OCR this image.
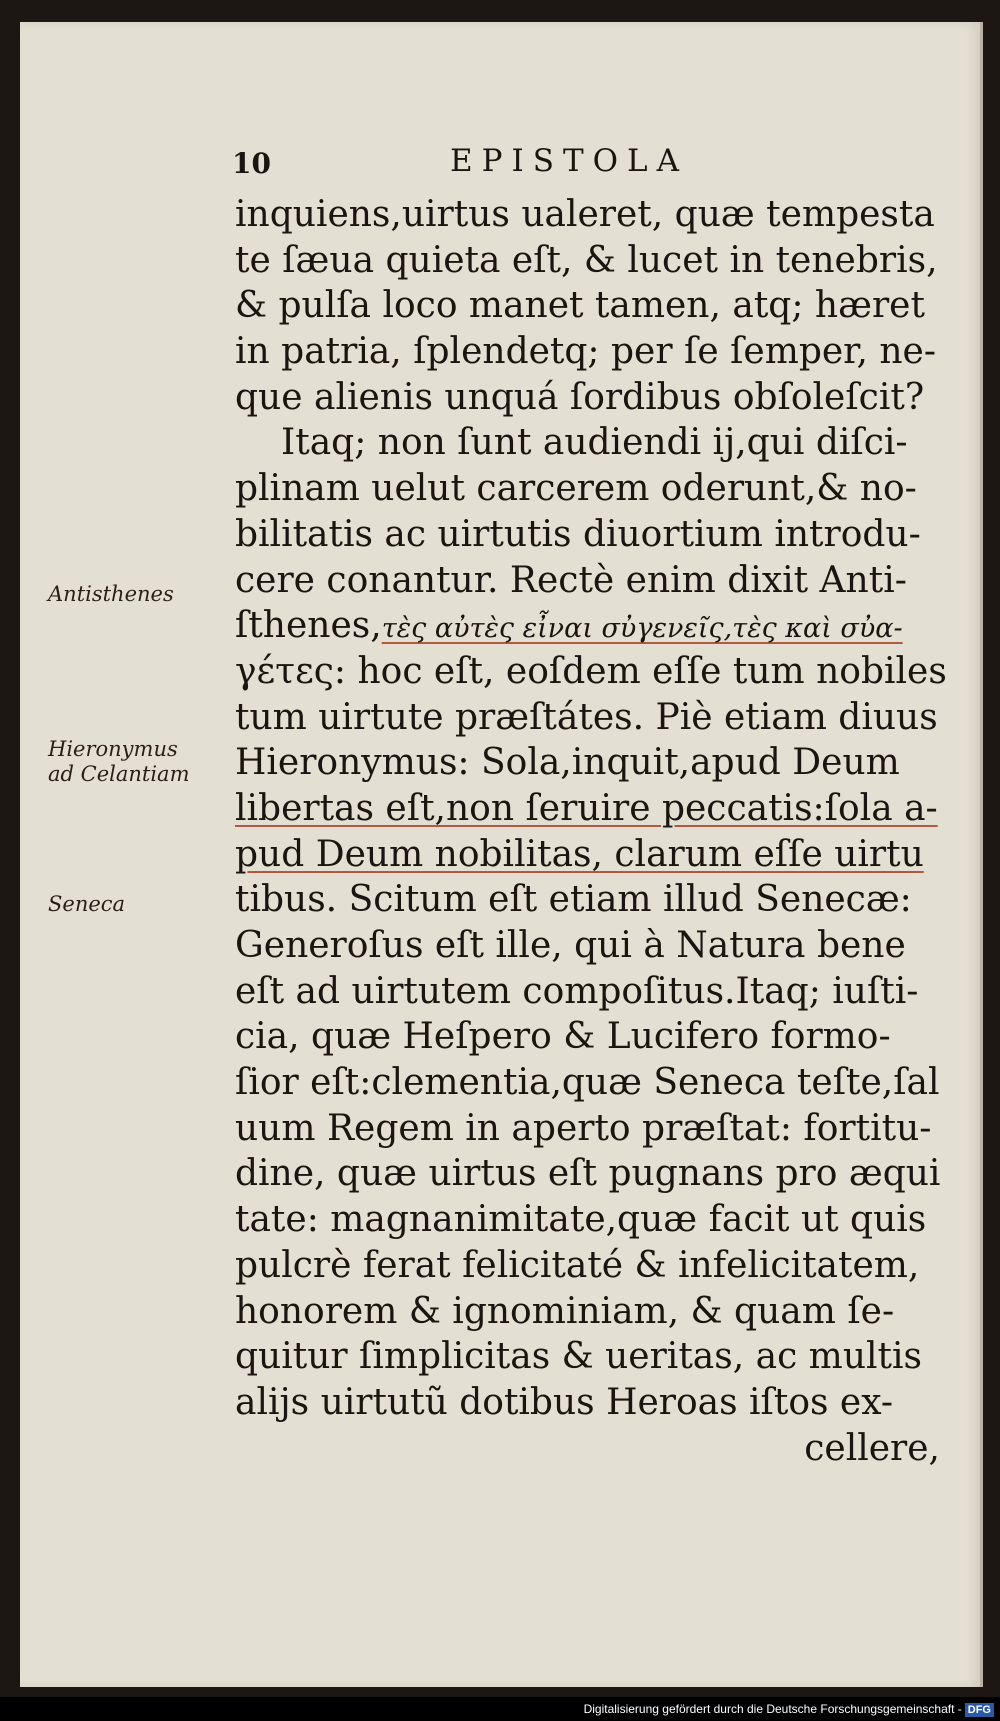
10	EPISTOLA
inquiens,uirtus ualeret, quæ tempesta
te ſæua quieta eſt, & lucet in tenebris,
& pulſa loco manet tamen, atq; hæret
in patria, ſplendetq; per ſe ſemper, ne-
que alienis unquá ſordibus obſoleſcit?
Itaq; non ſunt audiendi ij,qui diſci-
plinam uelut carcerem oderunt,& no-
bilitatis ac uirtutis diuortium introdu-
cere conantur. Rectè enim dixit Anti-
ſthenes,τὲς αὐτὲς εἶναι σὐγενεῖς,τὲς καὶ σὐα-
γέτες: hoc eſt, eoſdem eſſe tum nobiles
tum uirtute præſtátes. Piè etiam diuus
Hieronymus: Sola,inquit,apud Deum
libertas eſt,non ſeruire peccatis:ſola a-
pud Deum nobilitas, clarum eſſe uirtu
tibus. Scitum eſt etiam illud Senecæ:
Generoſus eſt ille, qui à Natura bene
eſt ad uirtutem compoſitus.Itaq; iuſti-
cia, quæ Heſpero & Lucifero formo-
ſior eſt:clementia,quæ Seneca teſte,ſal
uum Regem in aperto præſtat: fortitu-
dine, quæ uirtus eſt pugnans pro æqui
tate: magnanimitate,quæ facit ut quis
pulcrè ferat felicitaté & infelicitatem,
honorem & ignominiam, & quam ſe-
quitur ſimplicitas & ueritas, ac multis
alijs uirtutũ dotibus Heroas iſtos ex-
cellere,
Antisthenes
Hieronymus
ad Celantiam
Seneca
Digitalisierung gefördert durch die Deutsche Forschungsgemeinschaft - DFG
